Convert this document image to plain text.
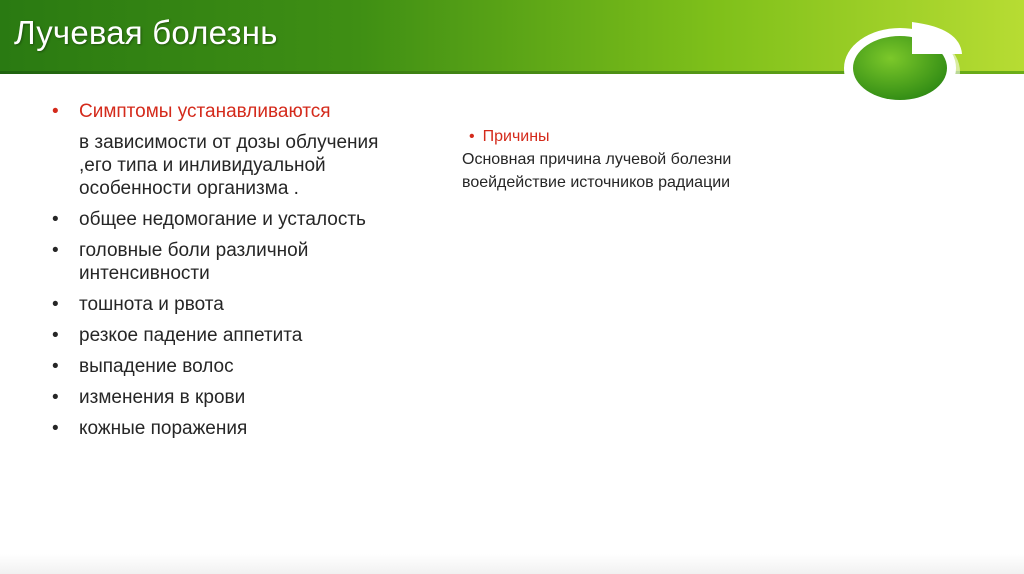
Лучевая болезнь
• Симптомы устанавливаются

в зависимости от дозы облучения
,его типа и инливидуальной
особенности организма .

• общее недомогание и усталость
• головные боли различной интенсивности
• тошнота и рвота
• резкое падение аппетита
• выпадение волос
• изменения в крови
• кожные поражения
• Причины

Основная причина лучевой болезни
воейдействие источников радиации
